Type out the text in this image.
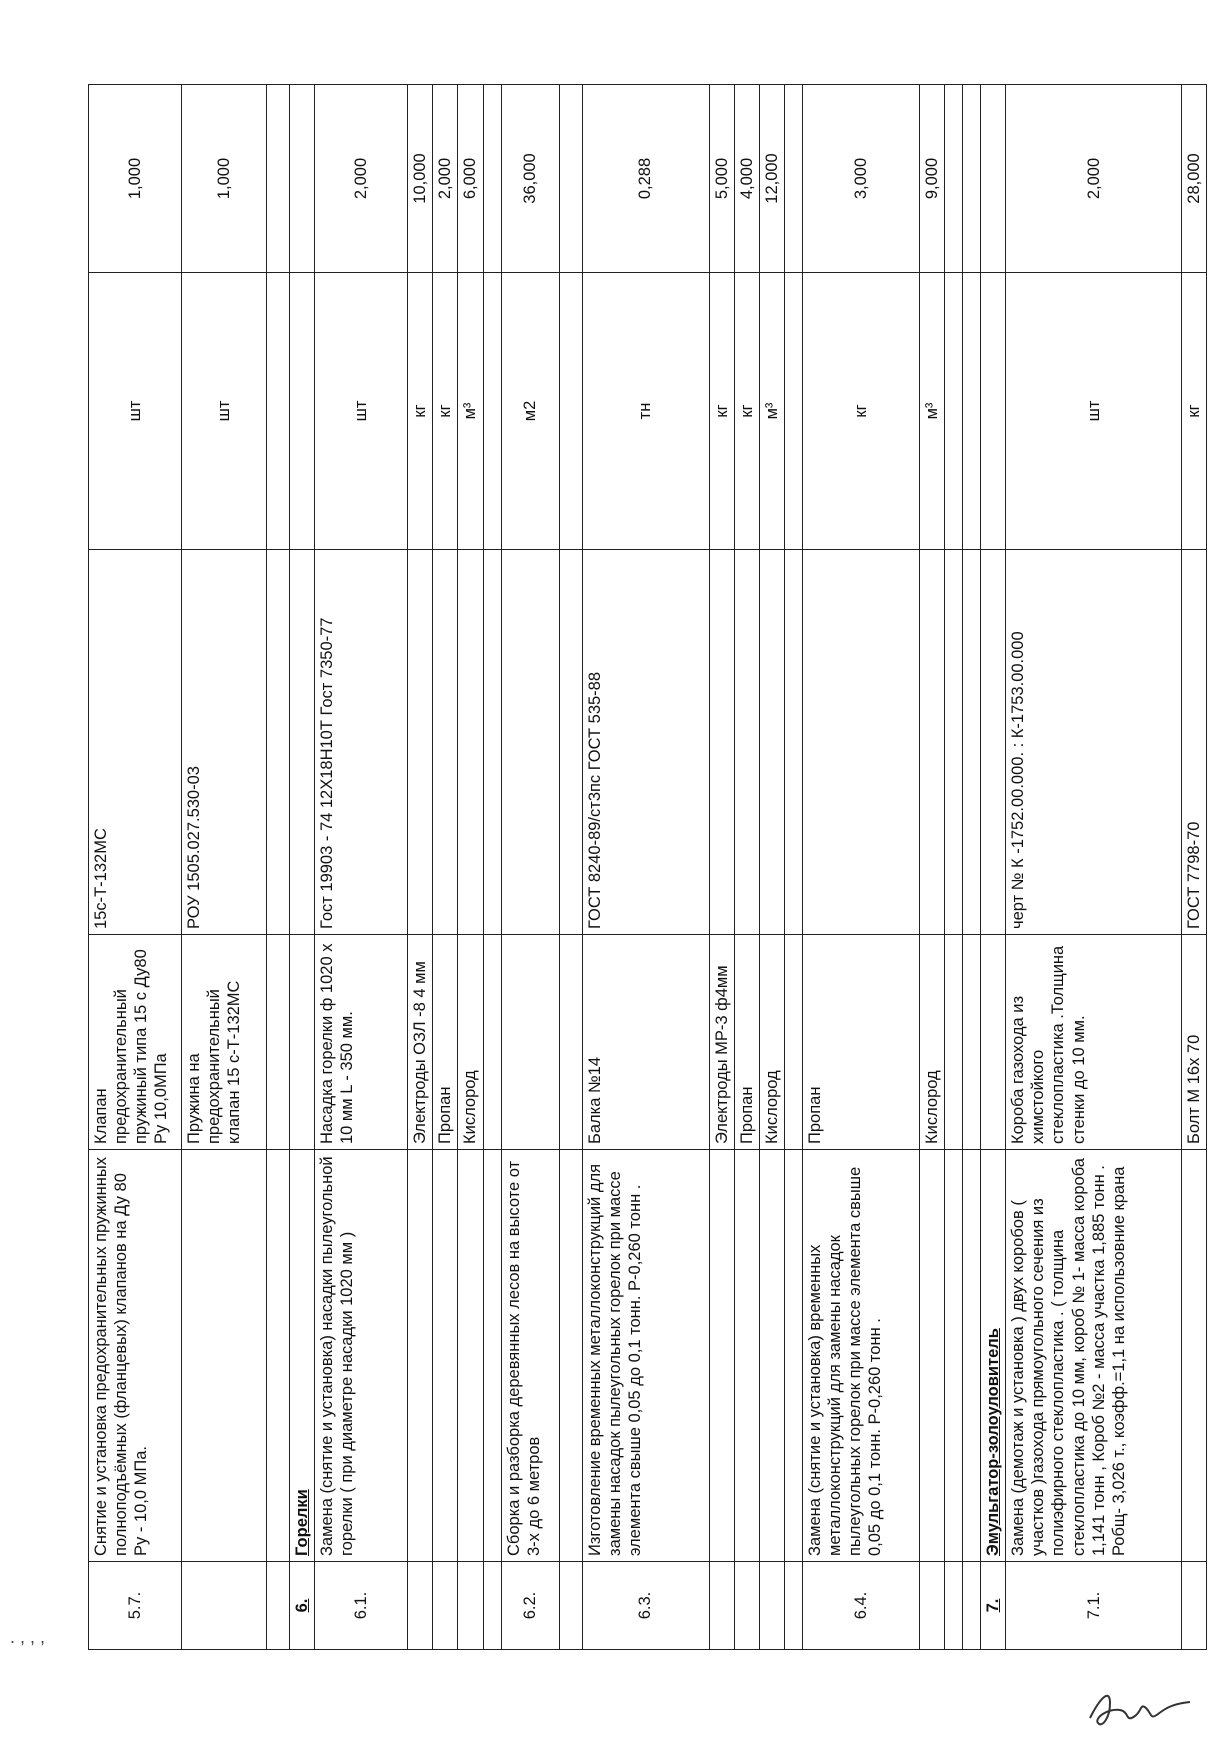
. , , ,
5.7.	Снятие и установка предохранительных пружинных полноподъёмных (фланцевых) клапанов на Ду 80 Ру - 10,0 МПа.	Клапан предохранительный пружиный типа 15 с Ду80 Ру 10,0МПа	15с-Т-132МС	шт	1,000
		Пружина на предохранительный клапан 15 с-Т-132МС	РОУ 1505.027.530-03	шт	1,000

6.	Горелки				
6.1.	Замена (снятие и установка) насадки пылеугольной горелки ( при диаметре насадки 1020 мм )	Насадка горелки ф 1020 х 10 мм L - 350 мм.	Гост 19903 - 74 12Х18Н10Т Гост 7350-77	шт	2,000
		Электроды ОЗЛ -8 4 мм		кг	10,000
		Пропан		кг	2,000
		Кислород		м³	6,000

6.2.	Сборка и разборка деревянных лесов на высоте от 3-х до 6 метров			м2	36,000

6.3.	Изготовление временных металлоконструкций для замены насадок пылеугольных горелок при массе элемента свыше 0,05 до 0,1 тонн. Р-0,260 тонн .	Балка №14	ГОСТ 8240-89/ст3пс ГОСТ 535-88	тн	0,288
		Электроды МР-3 ф4мм		кг	5,000
		Пропан		кг	4,000
		Кислород		м³	12,000

6.4.	Замена (снятие и установка) временных металлоконструкций для замены насадок пылеугольных горелок при массе элемента свыше 0,05 до 0,1 тонн. Р-0,260 тонн .	Пропан		кг	3,000
		Кислород		м³	9,000

7.	Эмульгатор-золоуловитель				
7.1.	Замена (демотаж и установка ) двух коробов ( участков )газохода прямоугольного сечения из полиэфирного стеклопластика . ( толщина стеклопластика до 10 мм, короб № 1- масса короба 1,141 тонн , Короб №2 - масса участка 1,885 тонн . Робщ- 3,026 т., коэфф.=1,1 на использовние крана	Короба газохода из химстойкого стеклопластика .Толщина стенки до 10 мм.	черт № К -1752.00.000. : К-1753.00.000	шт	2,000
		Болт М 16х 70	ГОСТ 7798-70	кг	28,000
